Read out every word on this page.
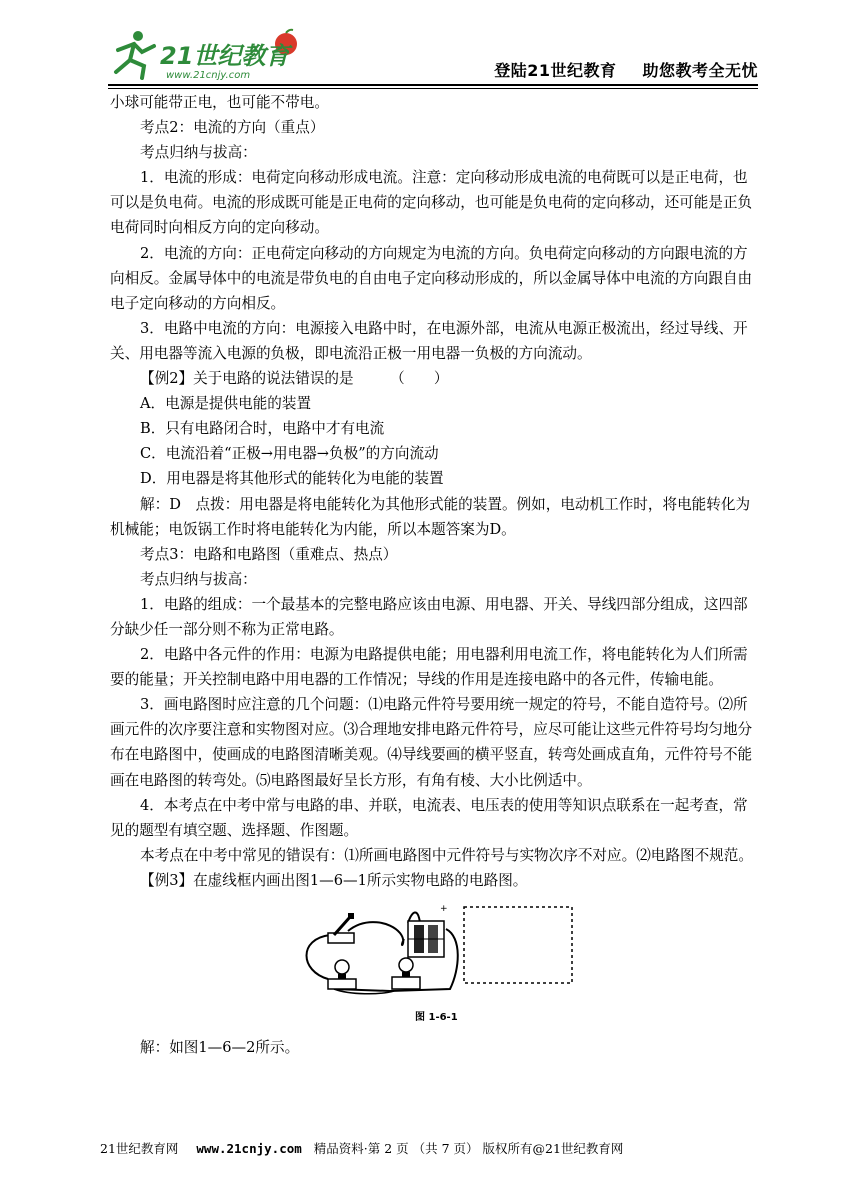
21世纪教育
www.21cnjy.com	登陆21世纪教育 助您教考全无忧

小球可能带正电，也可能不带电。

考点2：电流的方向（重点）

考点归纳与拔高：

1．电流的形成：电荷定向移动形成电流。注意：定向移动形成电流的电荷既可以是正电荷，也可以是负电荷。电流的形成既可能是正电荷的定向移动，也可能是负电荷的定向移动，还可能是正负电荷同时向相反方向的定向移动。

2．电流的方向：正电荷定向移动的方向规定为电流的方向。负电荷定向移动的方向跟电流的方向相反。金属导体中的电流是带负电的自由电子定向移动形成的，所以金属导体中电流的方向跟自由电子定向移动的方向相反。

3．电路中电流的方向：电源接入电路中时，在电源外部，电流从电源正极流出，经过导线、开关、用电器等流入电源的负极，即电流沿正极一用电器一负极的方向流动。

【例2】关于电路的说法错误的是　　　（　　）

A．电源是提供电能的装置

B．只有电路闭合时，电路中才有电流

C．电流沿着“正极→用电器→负极”的方向流动

D．用电器是将其他形式的能转化为电能的装置

解：D　点拨：用电器是将电能转化为其他形式能的装置。例如，电动机工作时，将电能转化为机械能；电饭锅工作时将电能转化为内能，所以本题答案为D。

考点3：电路和电路图（重难点、热点）

考点归纳与拔高：

1．电路的组成：一个最基本的完整电路应该由电源、用电器、开关、导线四部分组成，这四部分缺少任一部分则不称为正常电路。

2．电路中各元件的作用：电源为电路提供电能；用电器利用电流工作，将电能转化为人们所需要的能量；开关控制电路中用电器的工作情况；导线的作用是连接电路中的各元件，传输电能。

3．画电路图时应注意的几个问题：⑴电路元件符号要用统一规定的符号，不能自造符号。⑵所画元件的次序要注意和实物图对应。⑶合理地安排电路元件符号，应尽可能让这些元件符号均匀地分布在电路图中，使画成的电路图清晰美观。⑷导线要画的横平竖直，转弯处画成直角，元件符号不能画在电路图的转弯处。⑸电路图最好呈长方形，有角有棱、大小比例适中。

4．本考点在中考中常与电路的串、并联，电流表、电压表的使用等知识点联系在一起考查，常见的题型有填空题、选择题、作图题。

本考点在中考中常见的错误有：⑴所画电路图中元件符号与实物次序不对应。⑵电路图不规范。

【例3】在虚线框内画出图1—6—1所示实物电路的电路图。

+
图 1-6-1

解：如图1—6—2所示。

21世纪教育网 www.21cnjy.com 精品资料·第 2 页 （共 7 页） 版权所有@21世纪教育网
